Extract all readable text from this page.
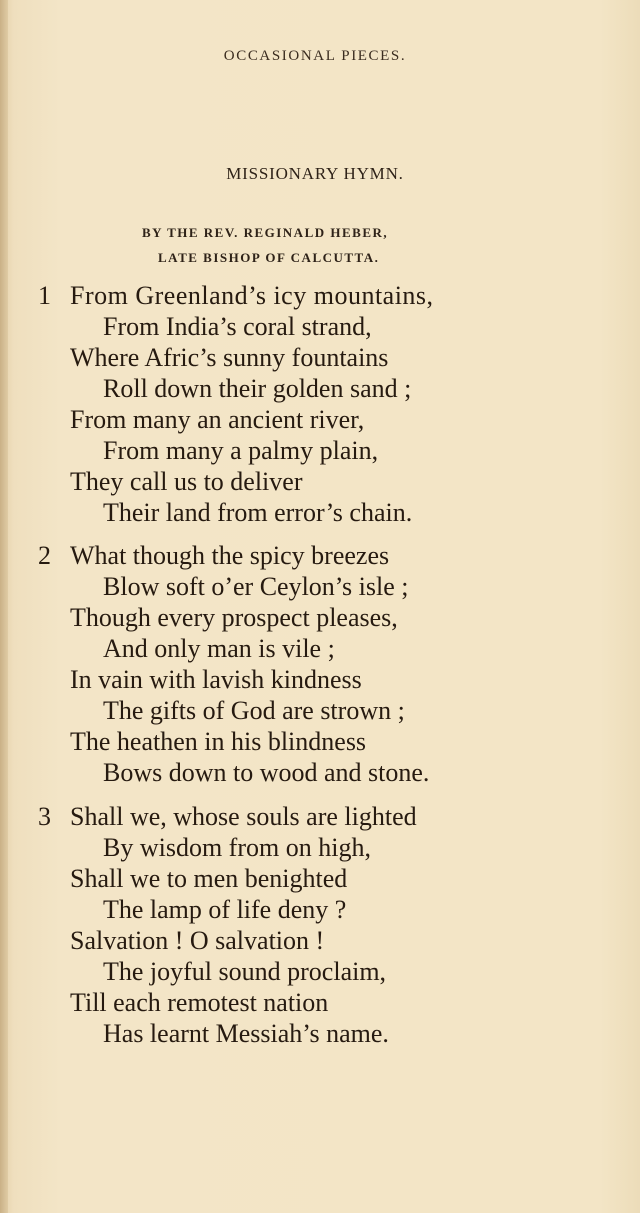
OCCASIONAL PIECES.
MISSIONARY HYMN.
BY THE REV. REGINALD HEBER,
LATE BISHOP OF CALCUTTA.
1 From Greenland’s icy mountains,
From India’s coral strand,
Where Afric’s sunny fountains
Roll down their golden sand ;
From many an ancient river,
From many a palmy plain,
They call us to deliver
Their land from error’s chain.
2 What though the spicy breezes
Blow soft o’er Ceylon’s isle ;
Though every prospect pleases,
And only man is vile ;
In vain with lavish kindness
The gifts of God are strown ;
The heathen in his blindness
Bows down to wood and stone.
3 Shall we, whose souls are lighted
By wisdom from on high,
Shall we to men benighted
The lamp of life deny ?
Salvation ! O salvation !
The joyful sound proclaim,
Till each remotest nation
Has learnt Messiah’s name.
